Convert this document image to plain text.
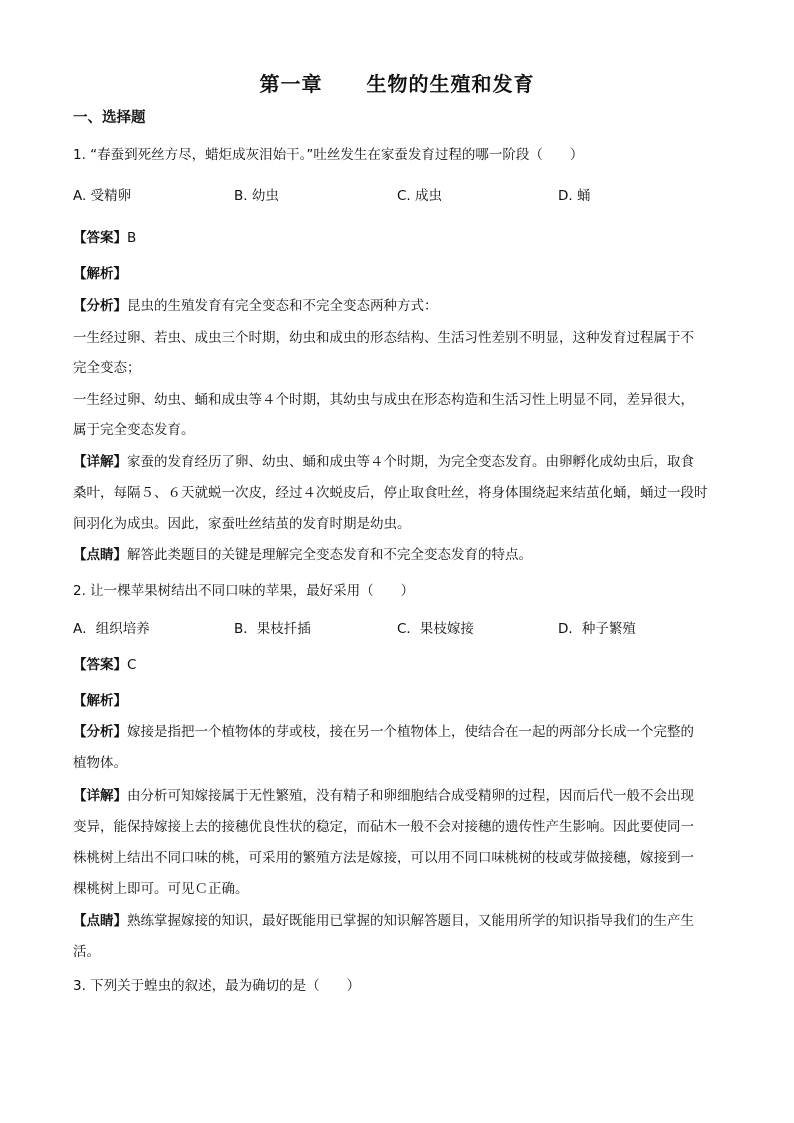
第一章 生物的生殖和发育
一、选择题
1. “春蚕到死丝方尽，蜡炬成灰泪始干。”吐丝发生在家蚕发育过程的哪一阶段（　　）
A. 受精卵	B. 幼虫	C. 成虫	D. 蛹
【答案】B
【解析】
【分析】昆虫的生殖发育有完全变态和不完全变态两种方式：
一生经过卵、若虫、成虫三个时期，幼虫和成虫的形态结构、生活习性差别不明显，这种发育过程属于不
完全变态；
一生经过卵、幼虫、蛹和成虫等４个时期，其幼虫与成虫在形态构造和生活习性上明显不同，差异很大，
属于完全变态发育。
【详解】家蚕的发育经历了卵、幼虫、蛹和成虫等４个时期，为完全变态发育。由卵孵化成幼虫后，取食
桑叶，每隔５、６天就蜕一次皮，经过４次蜕皮后，停止取食吐丝，将身体围绕起来结茧化蛹，蛹过一段时
间羽化为成虫。因此，家蚕吐丝结茧的发育时期是幼虫。
【点睛】解答此类题目的关键是理解完全变态发育和不完全变态发育的特点。
2. 让一棵苹果树结出不同口味的苹果，最好采用（　　）
A．组织培养	B．果枝扦插	C．果枝嫁接	D．种子繁殖
【答案】C
【解析】
【分析】嫁接是指把一个植物体的芽或枝，接在另一个植物体上，使结合在一起的两部分长成一个完整的
植物体。
【详解】由分析可知嫁接属于无性繁殖，没有精子和卵细胞结合成受精卵的过程，因而后代一般不会出现
变异，能保持嫁接上去的接穗优良性状的稳定，而砧木一般不会对接穗的遗传性产生影响。因此要使同一
株桃树上结出不同口味的桃，可采用的繁殖方法是嫁接，可以用不同口味桃树的枝或芽做接穗，嫁接到一
棵桃树上即可。可见Ｃ正确。
【点睛】熟练掌握嫁接的知识，最好既能用已掌握的知识解答题目，又能用所学的知识指导我们的生产生
活。
3. 下列关于蝗虫的叙述，最为确切的是（　　）
